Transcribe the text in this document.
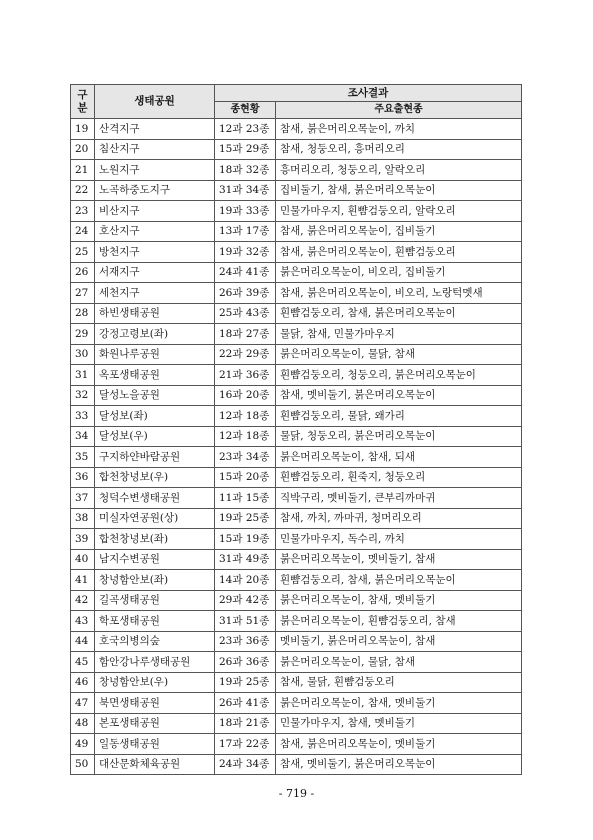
구
분	생태공원	조사결과	
		종현황	주요출현종
19	산격지구	12과 23종	참새, 붉은머리오목눈이, 까치
20	침산지구	15과 29종	참새, 청둥오리, 흥머리오리
21	노원지구	18과 32종	흥머리오리, 청둥오리, 알락오리
22	노곡하중도지구	31과 34종	집비둘기, 참새, 붉은머리오목눈이
23	비산지구	19과 33종	민물가마우지, 흰뺨검둥오리, 알락오리
24	호산지구	13과 17종	참새, 붉은머리오목눈이, 집비둘기
25	방천지구	19과 32종	참새, 붉은머리오목눈이, 흰뺨검둥오리
26	서재지구	24과 41종	붉은머리오목눈이, 비오리, 집비둘기
27	세천지구	26과 39종	참새, 붉은머리오목눈이, 비오리, 노랑턱멧새
28	하빈생태공원	25과 43종	흰뺨검둥오리, 참새, 붉은머리오목눈이
29	강정고령보(좌)	18과 27종	물닭, 참새, 민물가마우지
30	화원나루공원	22과 29종	붉은머리오목눈이, 물닭, 참새
31	옥포생태공원	21과 36종	흰뺨검둥오리, 청둥오리, 붉은머리오목눈이
32	달성노을공원	16과 20종	참새, 멧비둘기, 붉은머리오목눈이
33	달성보(좌)	12과 18종	흰뺨검둥오리, 물닭, 왜가리
34	달성보(우)	12과 18종	물닭, 청둥오리, 붉은머리오목눈이
35	구지하얀바람공원	23과 34종	붉은머리오목눈이, 참새, 되새
36	합천창녕보(우)	15과 20종	흰뺨검둥오리, 흰죽지, 청둥오리
37	청덕수변생태공원	11과 15종	직박구리, 멧비둘기, 큰부리까마귀
38	미실자연공원(상)	19과 25종	참새, 까치, 까마귀, 청머리오리
39	합천창녕보(좌)	15과 19종	민물가마우지, 독수리, 까치
40	남지수변공원	31과 49종	붉은머리오목눈이, 멧비둘기, 참새
41	창녕함안보(좌)	14과 20종	흰뺨검둥오리, 참새, 붉은머리오목눈이
42	길곡생태공원	29과 42종	붉은머리오목눈이, 참새, 멧비둘기
43	학포생태공원	31과 51종	붉은머리오목눈이, 흰뺨검둥오리, 참새
44	호국의병의숲	23과 36종	멧비둘기, 붉은머리오목눈이, 참새
45	함안강나루생태공원	26과 36종	붉은머리오목눈이, 물닭, 참새
46	창녕함안보(우)	19과 25종	참새, 물닭, 흰뺨검둥오리
47	북면생태공원	26과 41종	붉은머리오목눈이, 참새, 멧비둘기
48	본포생태공원	18과 21종	민물가마우지, 참새, 멧비둘기
49	일동생태공원	17과 22종	참새, 붉은머리오목눈이, 멧비둘기
50	대산문화체육공원	24과 34종	참새, 멧비둘기, 붉은머리오목눈이
- 719 -
